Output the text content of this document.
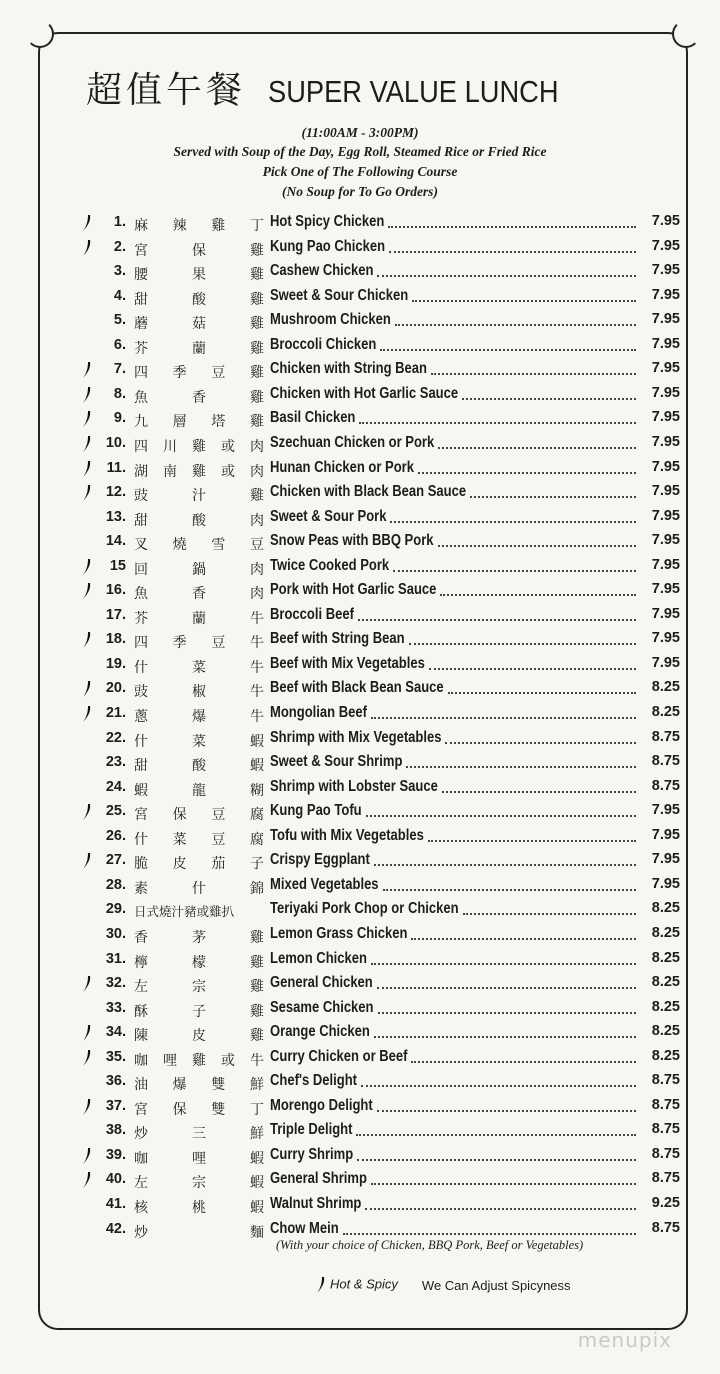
超值午餐 SUPER VALUE LUNCH
(11:00AM - 3:00PM)
Served with Soup of the Day, Egg Roll, Steamed Rice or Fried Rice
Pick One of The Following Course
(No Soup for To Go Orders)
1. 麻 辣 雞 丁 Hot Spicy Chicken	7.95
2. 宮	保	雞 Kung Pao Chicken	7.95
3. 腰	果	雞 Cashew Chicken	7.95
4. 甜	酸	雞 Sweet & Sour Chicken	7.95
5. 蘑	菇	雞 Mushroom Chicken	7.95
6. 芥	蘭	雞 Broccoli Chicken	7.95
7. 四 季 豆 雞 Chicken with String Bean	7.95
8. 魚	香	雞 Chicken with Hot Garlic Sauce	7.95
9. 九 層 塔 雞 Basil Chicken	7.95
10. 四 川 雞 或 肉 Szechuan Chicken or Pork	7.95
11. 湖 南 雞 或 肉 Hunan Chicken or Pork	7.95
12. 豉	汁	雞 Chicken with Black Bean Sauce	7.95
13. 甜	酸	肉 Sweet & Sour Pork	7.95
14. 叉 燒 雪 豆 Snow Peas with BBQ Pork	7.95
15 回	鍋	肉 Twice Cooked Pork	7.95
16. 魚	香	肉 Pork with Hot Garlic Sauce	7.95
17. 芥	蘭	牛 Broccoli Beef	7.95
18. 四 季 豆 牛 Beef with String Bean	7.95
19. 什	菜	牛 Beef with Mix Vegetables	7.95
20. 豉	椒	牛 Beef with Black Bean Sauce	8.25
21. 蔥	爆	牛 Mongolian Beef	8.25
22. 什	菜	蝦 Shrimp with Mix Vegetables	8.75
23. 甜	酸	蝦 Sweet & Sour Shrimp	8.75
24. 蝦	龍	糊 Shrimp with Lobster Sauce	8.75
25. 宮 保 豆 腐 Kung Pao Tofu	7.95
26. 什 菜 豆 腐 Tofu with Mix Vegetables	7.95
27. 脆 皮 茄 子 Crispy Eggplant	7.95
28. 素	什	錦 Mixed Vegetables	7.95
29. 日 式 燒 汁 豬 或 雞 扒 Teriyaki Pork Chop or Chicken	8.25
30. 香	茅	雞 Lemon Grass Chicken	8.25
31. 檸	檬	雞 Lemon Chicken	8.25
32. 左	宗	雞 General Chicken	8.25
33. 酥	子	雞 Sesame Chicken	8.25
34. 陳	皮	雞 Orange Chicken	8.25
35. 咖 哩 雞 或 牛 Curry Chicken or Beef	8.25
36. 油 爆 雙 鮮 Chef's Delight	8.75
37. 宮 保 雙 丁 Morengo Delight	8.75
38. 炒	三	鮮 Triple Delight	8.75
39. 咖	哩	蝦 Curry Shrimp	8.75
40. 左	宗	蝦 General Shrimp	8.75
41. 核	桃	蝦 Walnut Shrimp	9.25
42. 炒	麵 Chow Mein	8.75
(With your choice of Chicken, BBQ Pork, Beef or Vegetables)
Hot & Spicy We Can Adjust Spicyness
menupix
